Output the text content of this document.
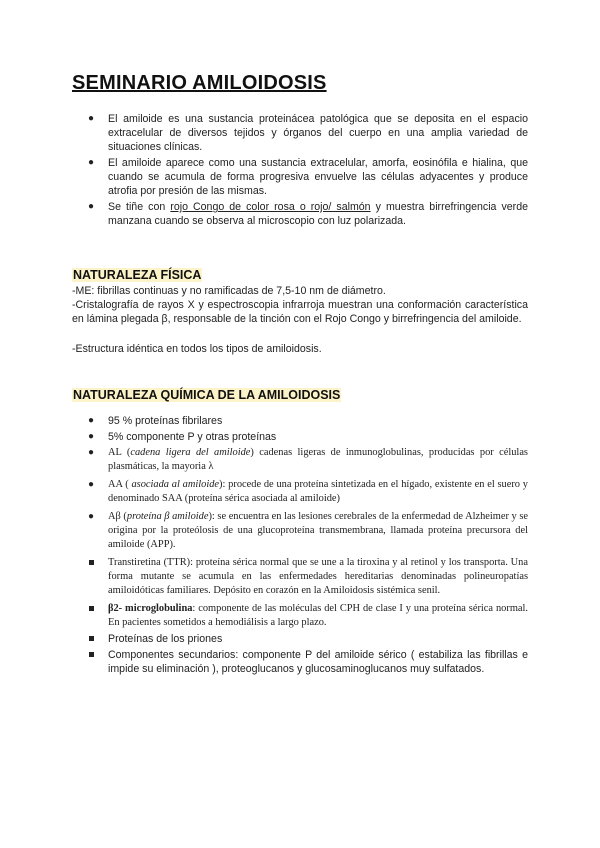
SEMINARIO AMILOIDOSIS
● El amiloide es una sustancia proteinácea patológica que se deposita en el espacio extracelular de diversos tejidos y órganos del cuerpo en una amplia variedad de situaciones clínicas.
● El amiloide aparece como una sustancia extracelular, amorfa, eosinófila e hialina, que cuando se acumula de forma progresiva envuelve las células adyacentes y produce atrofia por presión de las mismas.
● Se tiñe con rojo Congo de color rosa o rojo/ salmón y muestra birrefringencia verde manzana cuando se observa al microscopio con luz polarizada.
NATURALEZA FÍSICA

-ME: fibrillas continuas y no ramificadas de 7,5-10 nm de diámetro.

-Cristalografía de rayos X y espectroscopia infrarroja muestran una conformación característica en lámina plegada β, responsable de la tinción con el Rojo Congo y birrefringencia del amiloide.

-Estructura idéntica en todos los tipos de amiloidosis.

NATURALEZA QUÍMICA DE LA AMILOIDOSIS
● 95 % proteínas fibrilares
● 5% componente P y otras proteínas
● AL (cadena ligera del amiloide) cadenas ligeras de inmunoglobulinas, producidas por células plasmáticas, la mayoria λ
● AA ( asociada al amiloide): procede de una proteína sintetizada en el hígado, existente en el suero y denominado SAA (proteína sérica asociada al amiloide)
● Aβ (proteína β amiloide): se encuentra en las lesiones cerebrales de la enfermedad de Alzheimer y se origina por la proteólosis de una glucoproteína transmembrana, llamada proteína precursora del amiloide (APP).
Transtiretina (TTR): proteína sérica normal que se une a la tiroxina y al retinol y los transporta. Una forma mutante se acumula en las enfermedades hereditarias denominadas polineuropatías amiloidóticas familiares. Depósito en corazón en la Amiloidosis sistémica senil.
β2- microglobulina: componente de las moléculas del CPH de clase I y una proteína sérica normal. En pacientes sometidos a hemodiálisis a largo plazo.
Proteínas de los priones
Componentes secundarios: componente P del amiloide sérico ( estabiliza las fibrillas e impide su eliminación ), proteoglucanos y glucosaminoglucanos muy sulfatados.
